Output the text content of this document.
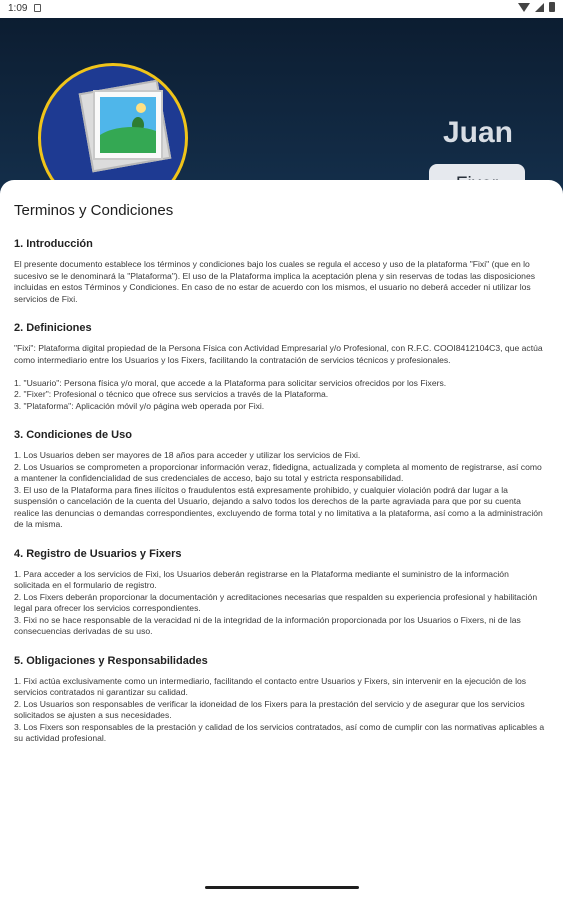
1:09
Juan
Terminos y Condiciones
1. Introducción

El presente documento establece los términos y condiciones bajo los cuales se regula el acceso y uso de la plataforma "Fixi" (que en lo sucesivo se le denominará la "Plataforma"). El uso de la Plataforma implica la aceptación plena y sin reservas de todas las disposiciones incluidas en estos Términos y Condiciones. En caso de no estar de acuerdo con los mismos, el usuario no deberá acceder ni utilizar los servicios de Fixi.

2. Definiciones

"Fixi": Plataforma digital propiedad de la Persona Física con Actividad Empresarial y/o Profesional, con R.F.C. COOI8412104C3, que actúa como intermediario entre los Usuarios y los Fixers, facilitando la contratación de servicios técnicos y profesionales.

1. "Usuario": Persona física y/o moral, que accede a la Plataforma para solicitar servicios ofrecidos por los Fixers.
2. "Fixer": Profesional o técnico que ofrece sus servicios a través de la Plataforma.
3. "Plataforma": Aplicación móvil y/o página web operada por Fixi.

3. Condiciones de Uso

1. Los Usuarios deben ser mayores de 18 años para acceder y utilizar los servicios de Fixi.
2. Los Usuarios se comprometen a proporcionar información veraz, fidedigna, actualizada y completa al momento de registrarse, así como a mantener la confidencialidad de sus credenciales de acceso, bajo su total y estricta responsabilidad.
3. El uso de la Plataforma para fines ilícitos o fraudulentos está expresamente prohibido, y cualquier violación podrá dar lugar a la suspensión o cancelación de la cuenta del Usuario, dejando a salvo todos los derechos de la parte agraviada para que por su cuenta realice las denuncias o demandas correspondientes, excluyendo de forma total y no limitativa a la plataforma, así como a la administración de la misma.

4. Registro de Usuarios y Fixers

1. Para acceder a los servicios de Fixi, los Usuarios deberán registrarse en la Plataforma mediante el suministro de la información solicitada en el formulario de registro.
2. Los Fixers deberán proporcionar la documentación y acreditaciones necesarias que respalden su experiencia profesional y habilitación legal para ofrecer los servicios correspondientes.
3. Fixi no se hace responsable de la veracidad ni de la integridad de la información proporcionada por los Usuarios o Fixers, ni de las consecuencias derivadas de su uso.

5. Obligaciones y Responsabilidades

1. Fixi actúa exclusivamente como un intermediario, facilitando el contacto entre Usuarios y Fixers, sin intervenir en la ejecución de los servicios contratados ni garantizar su calidad.
2. Los Usuarios son responsables de verificar la idoneidad de los Fixers para la prestación del servicio y de asegurar que los servicios solicitados se ajusten a sus necesidades.
3. Los Fixers son responsables de la prestación y calidad de los servicios contratados, así como de cumplir con las normativas aplicables a su actividad profesional.
